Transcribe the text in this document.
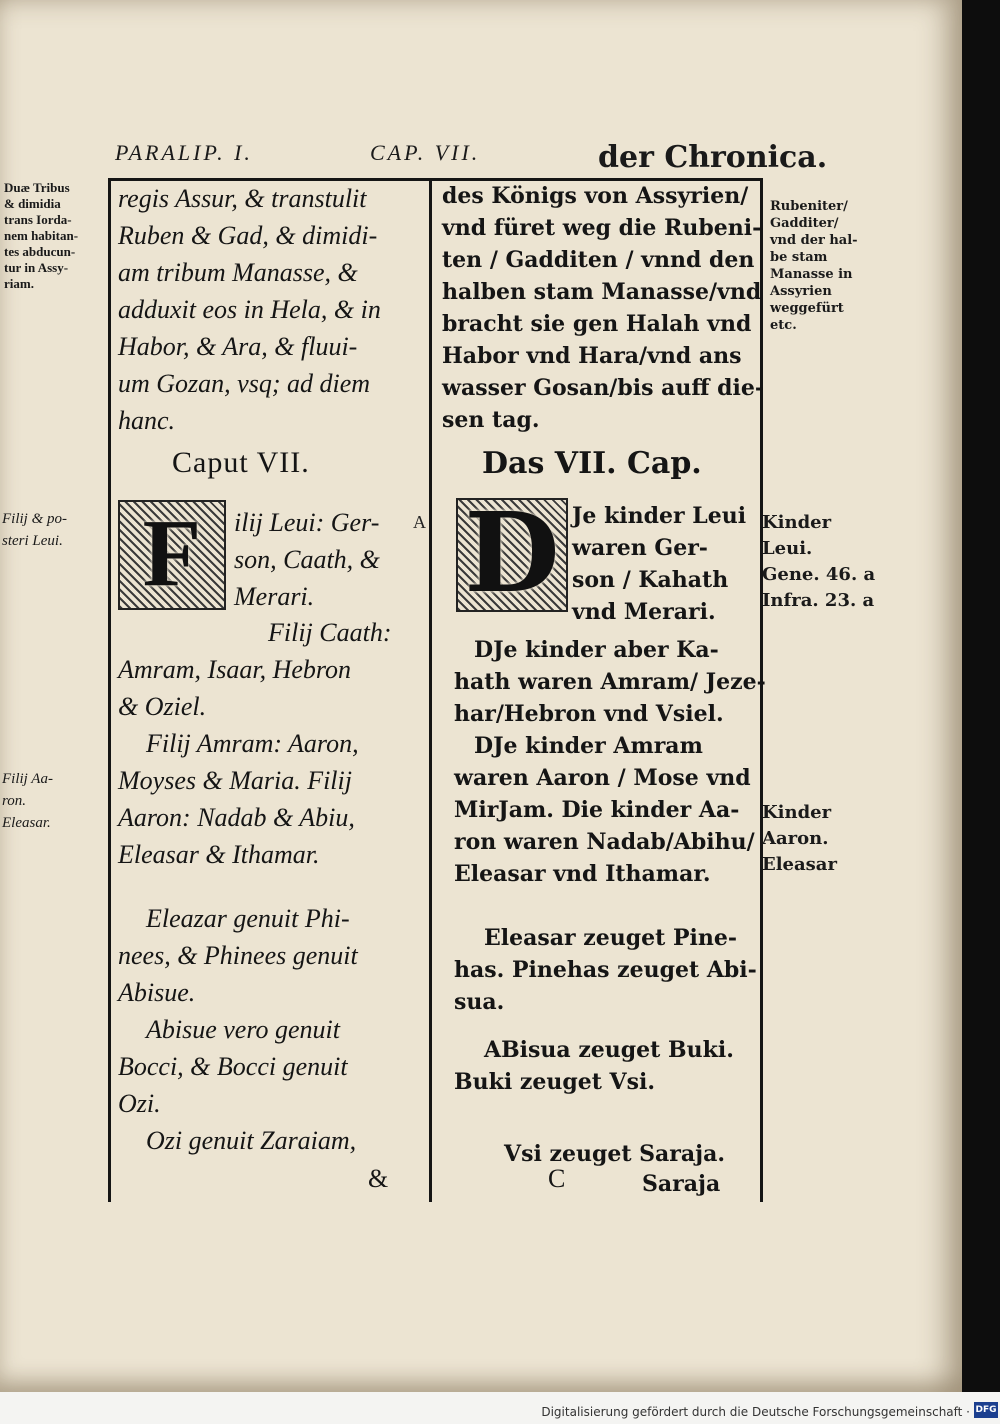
PARALIP. I.	CAP. VII.	der Chronica.
Duæ Tribus
& dimidia
trans Iorda-
nem habitan-
tes abducun-
tur in Assy-
riam.
Filij & po-
steri Leui.
Filij Aa-
ron.
Eleasar.
Rubeniter/
Gadditer/
vnd der hal-
be stam
Manasse in
Assyrien
weggefürt
etc.
Kinder
Leui.
Gene. 46. a
Infra. 23. a
Kinder
Aaron.
Eleasar
A
regis Assur, & transtulit
Ruben & Gad, & dimidi-
am tribum Manasse, &
adduxit eos in Hela, & in
Habor, & Ara, & fluui-
um Gozan, vsq; ad diem
hanc.
Caput VII.
F	ilij Leui: Ger-
son, Caath, &
Merari.
Filij Caath:
Amram, Isaar, Hebron
& Oziel.
Filij Amram: Aaron,
Moyses & Maria. Filij
Aaron: Nadab & Abiu,
Eleasar & Ithamar.
Eleazar genuit Phi-
nees, & Phinees genuit
Abisue.
Abisue vero genuit
Bocci, & Bocci genuit
Ozi.
Ozi genuit Zaraiam,
&
des Königs von Assyrien/
vnd füret weg die Rubeni-
ten / Gadditen / vnnd den
halben stam Manasse/vnd
bracht sie gen Halah vnd
Habor vnd Hara/vnd ans
wasser Gosan/bis auff die-
sen tag.
Das VII. Cap.
D Je kinder Leui
waren Ger-
son / Kahath
vnd Merari.
DJe kinder aber Ka-
hath waren Amram/ Jeze-
har/Hebron vnd Vsiel.
DJe kinder Amram
waren Aaron / Mose vnd
MirJam. Die kinder Aa-
ron waren Nadab/Abihu/
Eleasar vnd Ithamar.
Eleasar zeuget Pine-
has. Pinehas zeuget Abi-
sua.
ABisua zeuget Buki.
Buki zeuget Vsi.
Vsi zeuget Saraja.
C	Saraja
Digitalisierung gefördert durch die Deutsche Forschungsgemeinschaft · DFG
